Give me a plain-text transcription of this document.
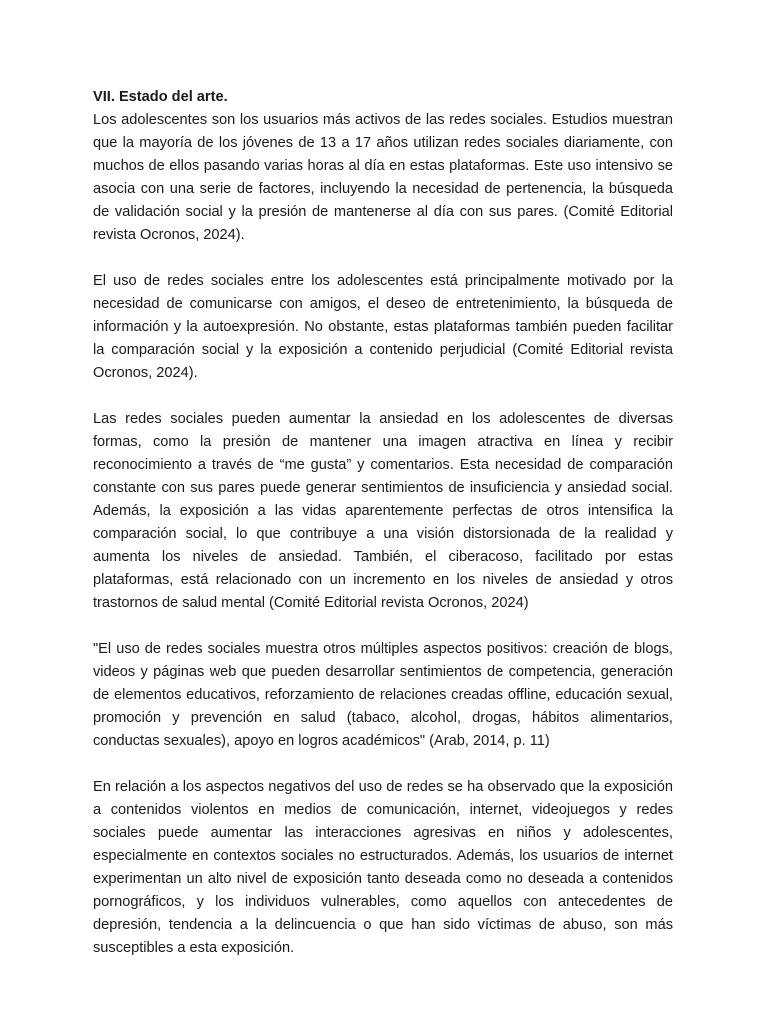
VII. Estado del arte.

Los adolescentes son los usuarios más activos de las redes sociales. Estudios muestran que la mayoría de los jóvenes de 13 a 17 años utilizan redes sociales diariamente, con muchos de ellos pasando varias horas al día en estas plataformas. Este uso intensivo se asocia con una serie de factores, incluyendo la necesidad de pertenencia, la búsqueda de validación social y la presión de mantenerse al día con sus pares. (Comité Editorial revista Ocronos, 2024).

El uso de redes sociales entre los adolescentes está principalmente motivado por la necesidad de comunicarse con amigos, el deseo de entretenimiento, la búsqueda de información y la autoexpresión. No obstante, estas plataformas también pueden facilitar la comparación social y la exposición a contenido perjudicial (Comité Editorial revista Ocronos, 2024).

Las redes sociales pueden aumentar la ansiedad en los adolescentes de diversas formas, como la presión de mantener una imagen atractiva en línea y recibir reconocimiento a través de “me gusta” y comentarios. Esta necesidad de comparación constante con sus pares puede generar sentimientos de insuficiencia y ansiedad social. Además, la exposición a las vidas aparentemente perfectas de otros intensifica la comparación social, lo que contribuye a una visión distorsionada de la realidad y aumenta los niveles de ansiedad. También, el ciberacoso, facilitado por estas plataformas, está relacionado con un incremento en los niveles de ansiedad y otros trastornos de salud mental (Comité Editorial revista Ocronos, 2024)

"El uso de redes sociales muestra otros múltiples aspectos positivos: creación de blogs, videos y páginas web que pueden desarrollar sentimientos de competencia, generación de elementos educativos, reforzamiento de relaciones creadas offline, educación sexual, promoción y prevención en salud (tabaco, alcohol, drogas, hábitos alimentarios, conductas sexuales), apoyo en logros académicos" (Arab, 2014, p. 11)

En relación a los aspectos negativos del uso de redes se ha observado que la exposición a contenidos violentos en medios de comunicación, internet, videojuegos y redes sociales puede aumentar las interacciones agresivas en niños y adolescentes, especialmente en contextos sociales no estructurados. Además, los usuarios de internet experimentan un alto nivel de exposición tanto deseada como no deseada a contenidos pornográficos, y los individuos vulnerables, como aquellos con antecedentes de depresión, tendencia a la delincuencia o que han sido víctimas de abuso, son más susceptibles a esta exposición.
